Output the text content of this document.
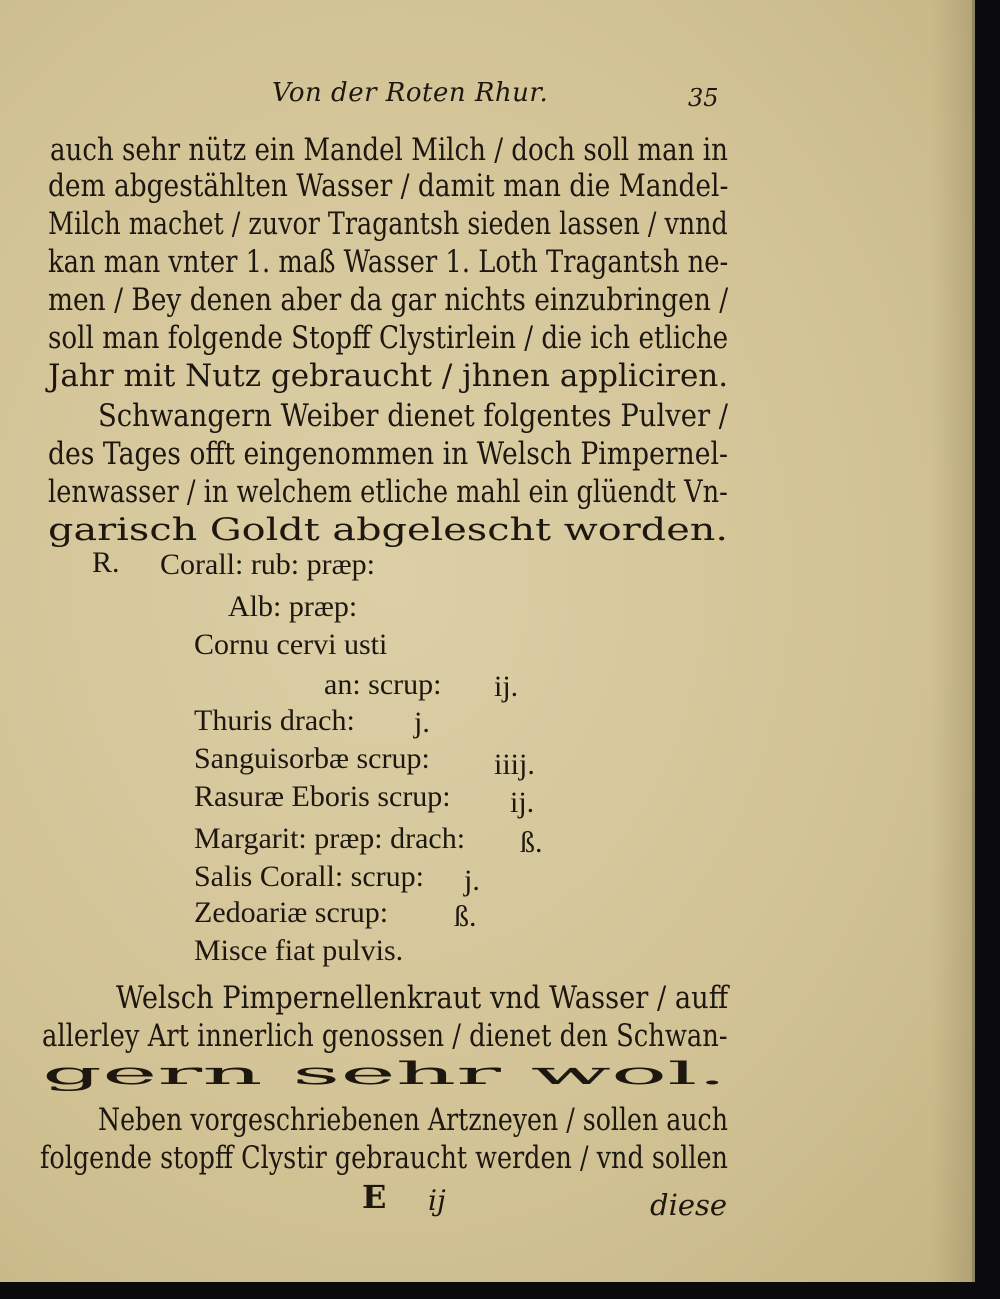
Von der Roten Rhur.	35
auch sehr nütz ein Mandel Milch / doch soll man in
dem abgestählten Wasser / damit man die Mandel-
Milch machet / zuvor Tragantsh sieden lassen / vnnd
kan man vnter 1. maß Wasser 1. Loth Tragantsh ne-
men / Bey denen aber da gar nichts einzubringen /
soll man folgende Stopff Clystirlein / die ich etliche
Jahr mit Nutz gebraucht / jhnen appliciren.
Schwangern Weiber dienet folgentes Pulver /
des Tages offt eingenommen in Welsch Pimpernel-
lenwasser / in welchem etliche mahl ein glüendt Vn-
garisch Goldt abgelescht worden.
R. Corall: rub: præp:
Alb: præp:
Cornu cervi usti
an: scrup: ij.
Thuris drach: j.
Sanguisorbæ scrup: iiij.
Rasuræ Eboris scrup: ij.
Margarit: præp: drach: ß.
Salis Corall: scrup: j.
Zedoariæ scrup: ß.
Misce fiat pulvis.
Welsch Pimpernellenkraut vnd Wasser / auff
allerley Art innerlich genossen / dienet den Schwan-
gern sehr wol.
Neben vorgeschriebenen Artzneyen / sollen auch
folgende stopff Clystir gebraucht werden / vnd sollen
E ij	diese
